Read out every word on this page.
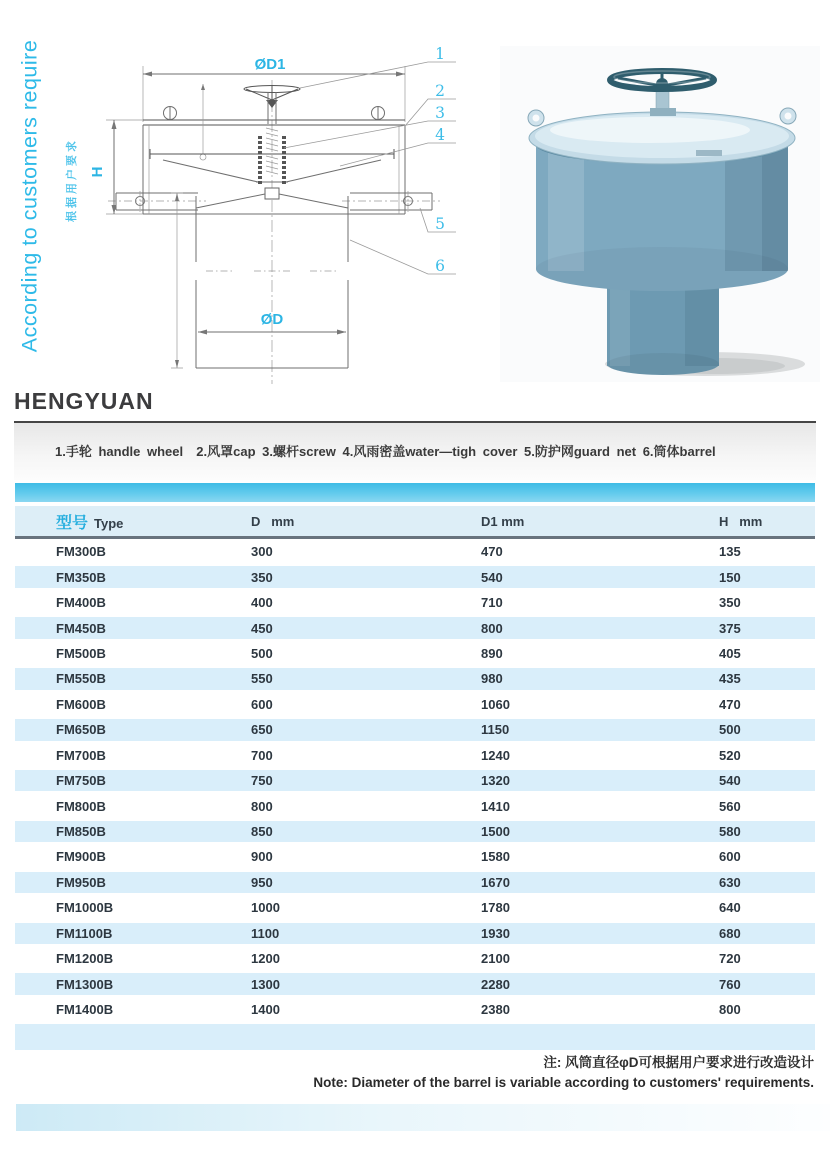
According to customers require 根据用户要求
ØD1
ØD
H
1
2
3
4
5
6
HENGYUAN
1.手轮 handle wheel  2.风罩cap 3.螺杆screw 4.风雨密盖water—tigh cover 5.防护网guard net 6.筒体barrel
型号 Type	D   mm	D1 mm	H   mm
FM300B	300	470	135
FM350B	350	540	150
FM400B	400	710	350
FM450B	450	800	375
FM500B	500	890	405
FM550B	550	980	435
FM600B	600	1060	470
FM650B	650	1150	500
FM700B	700	1240	520
FM750B	750	1320	540
FM800B	800	1410	560
FM850B	850	1500	580
FM900B	900	1580	600
FM950B	950	1670	630
FM1000B	1000	1780	640
FM1100B	1100	1930	680
FM1200B	1200	2100	720
FM1300B	1300	2280	760
FM1400B	1400	2380	800
注: 风筒直径φD可根据用户要求进行改造设计
Note: Diameter of the barrel is variable according to customers' requirements.
